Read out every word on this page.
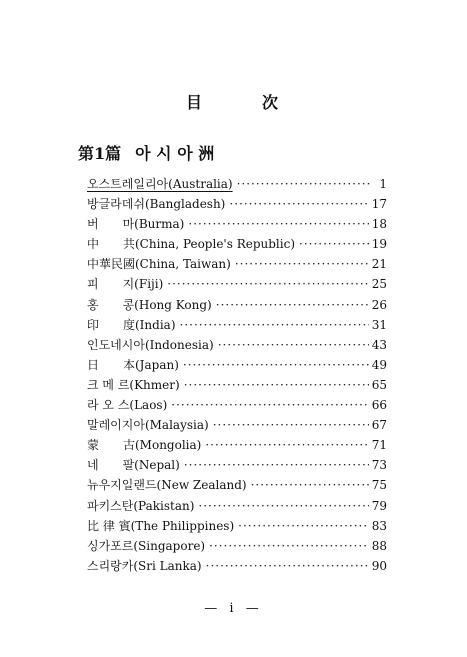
目	次
第1篇 아 시 아 洲
오스트레일리아(Australia) ·····	1
방글라데쉬(Bangladesh) ·····	17
버　　마(Burma) ·····	18
中　　共(China, People's Republic) ·····	19
中華民國(China, Taiwan) ·····	21
피　　지(Fiji) ·····	25
홍　　콩(Hong Kong) ·····	26
印　　度(India) ·····	31
인도네시아(Indonesia) ·····	43
日　　本(Japan) ·····	49
크 메 르(Khmer) ·····	65
라 오 스(Laos) ·····	66
말레이지아(Malaysia) ·····	67
蒙　　古(Mongolia) ·····	71
네　　팔(Nepal) ·····	73
뉴우지일랜드(New Zealand) ·····	75
파키스탄(Pakistan) ·····	79
比 律 賓(The Philippines) ·····	83
싱가포르(Singapore) ·····	88
스리랑카(Sri Lanka) ·····	90
— i —
